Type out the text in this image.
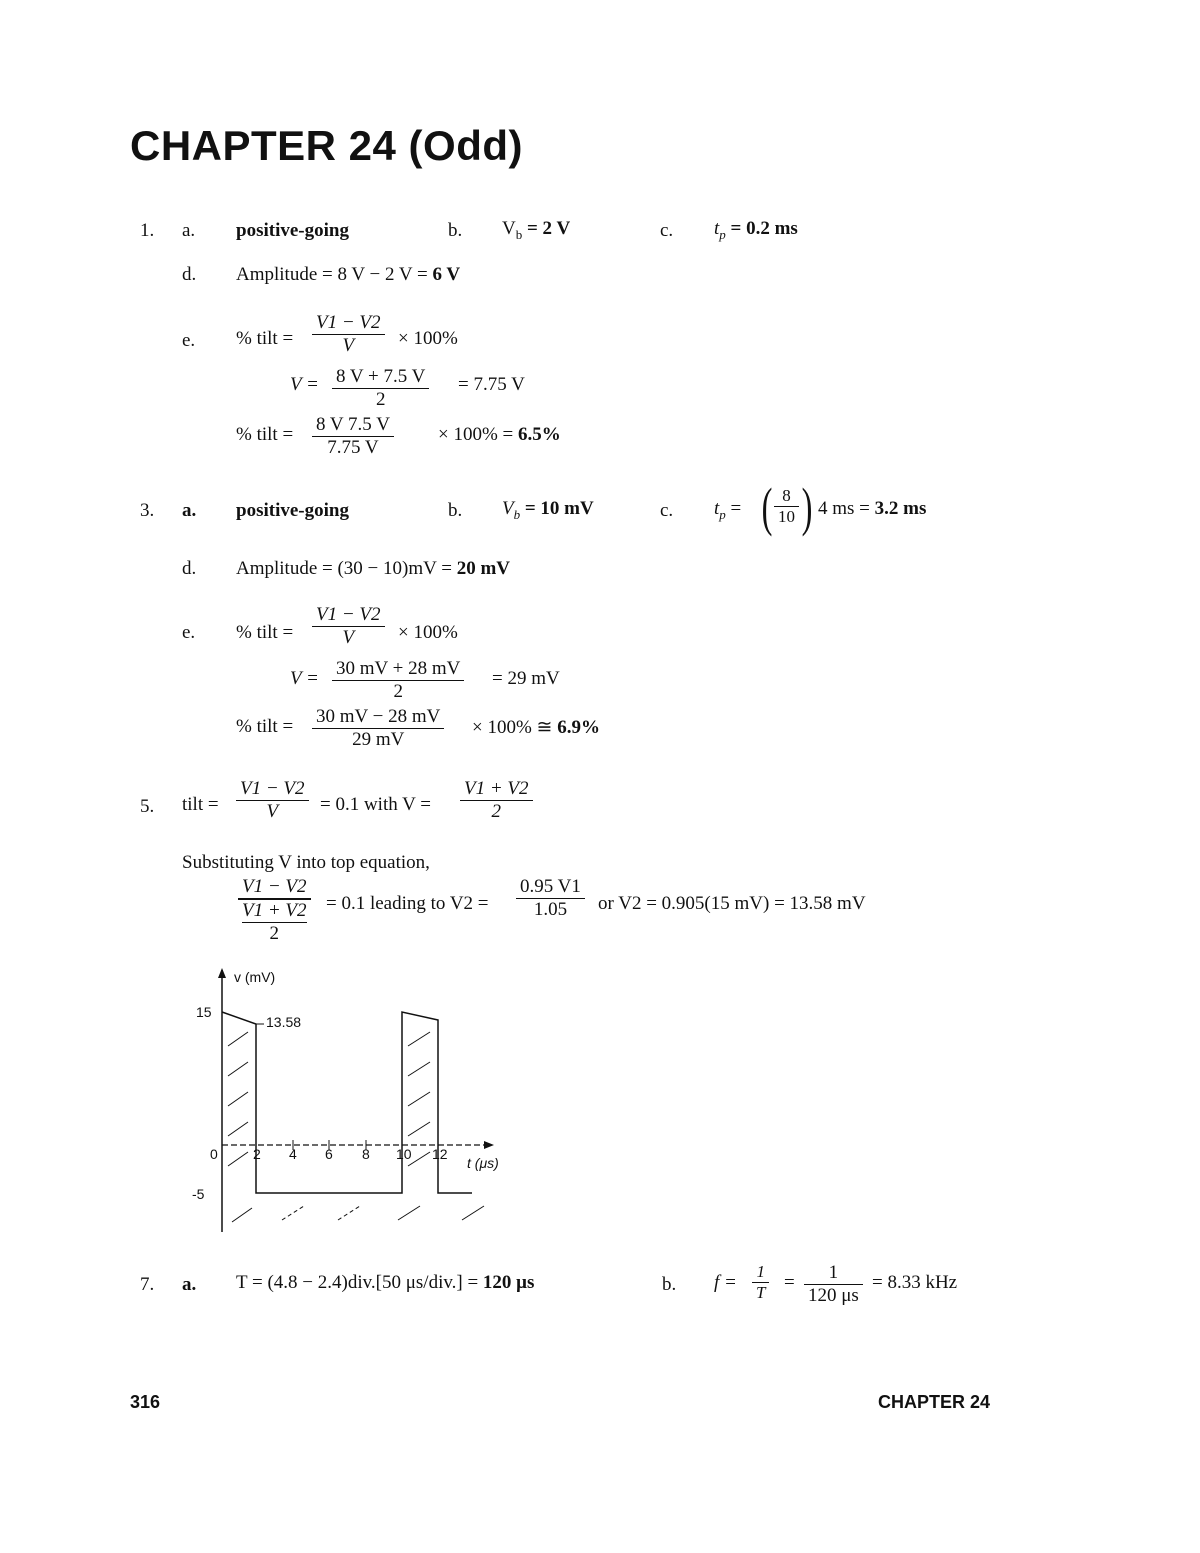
CHAPTER 24 (Odd)
1. a. positive-going	b. $V_b = 2$ V	c. $t_p = 0.2$ ms
d. Amplitude = 8 V − 2 V = 6 V
e. % tilt = $\frac{V1 - V2}{V} \times 100\%$
$V = \frac{8 V + 7.5 V}{2} = 7.75$ V
% tilt = $\frac{8 V 7.5 V}{7.75 V} \times 100\% = 6.5\%$
3. a. positive-going	b. $V_b = 10$ mV	c. $t_p$ = ( $\frac{8}{10}$ ) 4 ms = 3.2 ms
d. Amplitude = (30 − 10)mV = 20 mV
e. % tilt = $\frac{V1 - V2}{V} \times 100\%$
$V = \frac{30 mV + 28 mV}{2} = 29$ mV
% tilt = $\frac{30 mV - 28 mV}{29 mV} \times 100\%$ ≅ 6.9%
5. tilt = $\frac{V1 - V2}{V} = 0.1$ with $V = \frac{V1 + V2}{2}$
Substituting V into top equation,
V1 − V2
V1 + V2
2 = 0.1 leading to $V2 = \frac{0.95 V1}{1.05}$ or V2 = 0.905(15 mV) = 13.58 mV
v (mV)
t (μs)
15
0
-5
2 4 6 8 10 12
13.58
7. a. T = (4.8 − 2.4)div.[50 μs/div.] = 120 μs	b. $f = \frac{1}{T} = \frac{1}{120 \mu s} = 8.33$ kHz
316	CHAPTER 24
